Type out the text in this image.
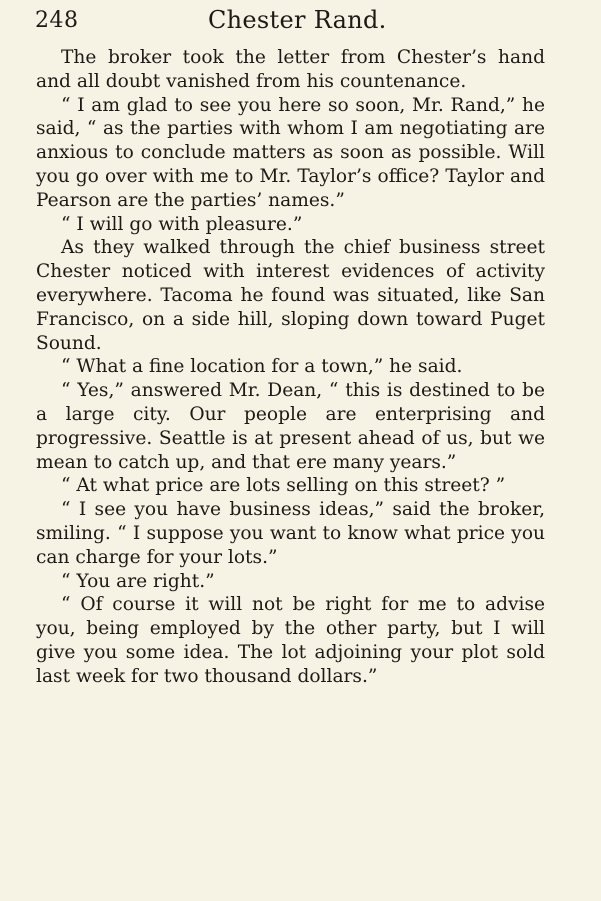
248	Chester Rand.

The broker took the letter from Chester’s hand and all doubt vanished from his countenance.

“ I am glad to see you here so soon, Mr. Rand,” he said, “ as the parties with whom I am negotiating are anxious to conclude matters as soon as possible. Will you go over with me to Mr. Taylor’s office? Taylor and Pearson are the parties’ names.”

“ I will go with pleasure.”

As they walked through the chief business street Chester noticed with interest evidences of activity everywhere. Tacoma he found was situated, like San Francisco, on a side hill, sloping down toward Puget Sound.

“ What a fine location for a town,” he said.

“ Yes,” answered Mr. Dean, “ this is destined to be a large city. Our people are enterprising and progressive. Seattle is at present ahead of us, but we mean to catch up, and that ere many years.”

“ At what price are lots selling on this street? ”

“ I see you have business ideas,” said the broker, smiling. “ I suppose you want to know what price you can charge for your lots.”

“ You are right.”

“ Of course it will not be right for me to advise you, being employed by the other party, but I will give you some idea. The lot adjoining your plot sold last week for two thousand dollars.”
